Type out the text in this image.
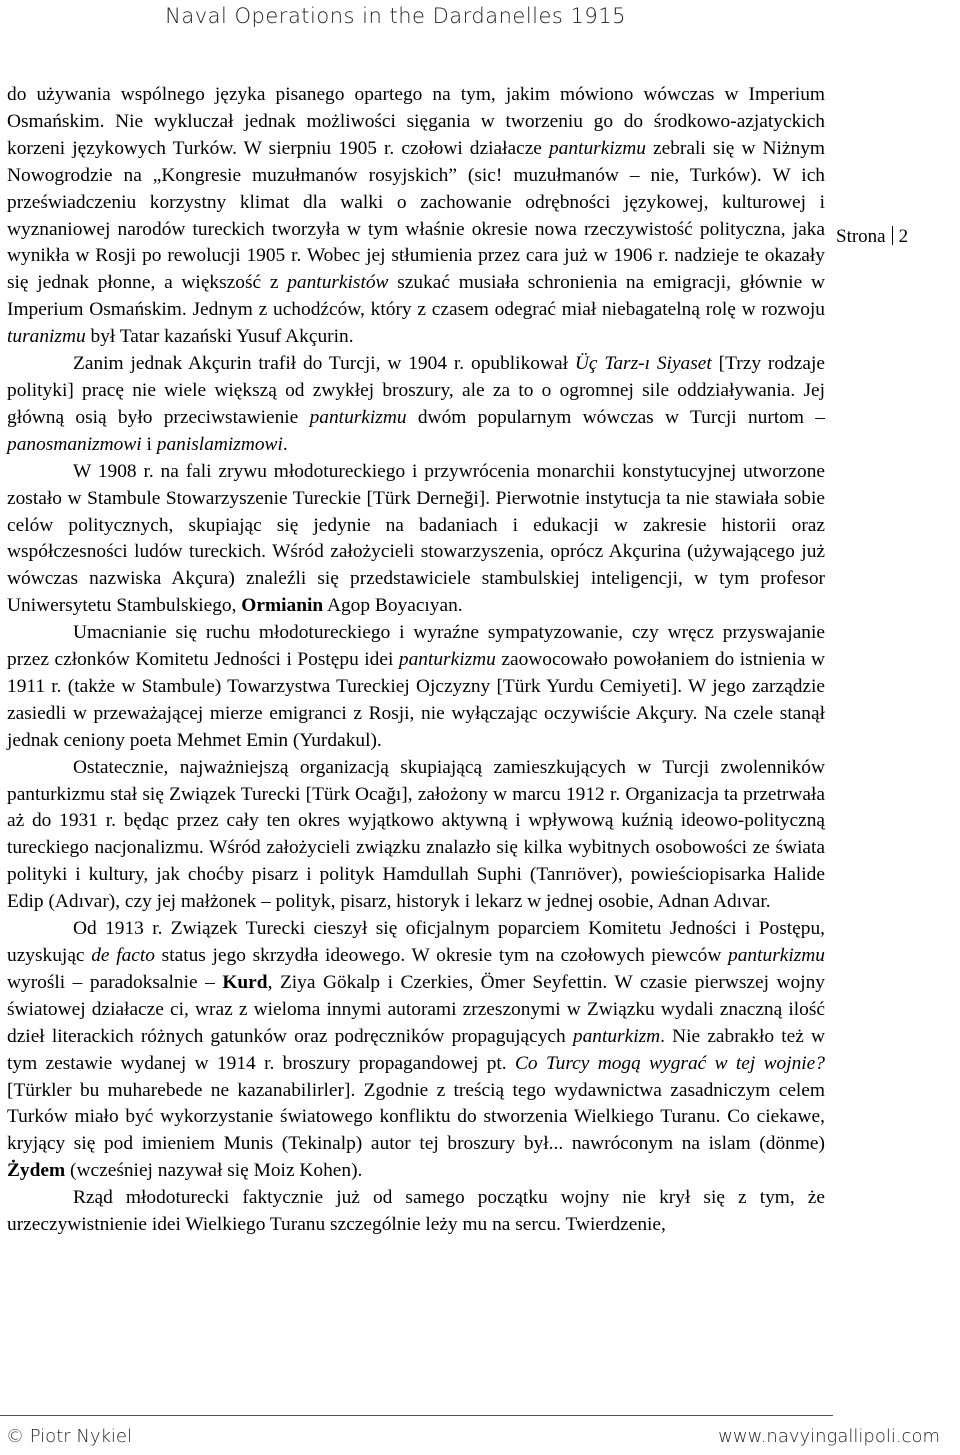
Naval Operations in the Dardanelles 1915

do używania wspólnego języka pisanego opartego na tym, jakim mówiono wówczas w Imperium Osmańskim. Nie wykluczał jednak możliwości sięgania w tworzeniu go do środkowo-azjatyckich korzeni językowych Turków. W sierpniu 1905 r. czołowi działacze panturkizmu zebrali się w Niżnym Nowogrodzie na „Kongresie muzułmanów rosyjskich” (sic! muzułmanów – nie, Turków). W ich przeświadczeniu korzystny klimat dla walki o zachowanie odrębności językowej, kulturowej i wyznaniowej narodów tureckich tworzyła w tym właśnie okresie nowa rzeczywistość polityczna, jaka wynikła w Rosji po rewolucji 1905 r. Wobec jej stłumienia przez cara już w 1906 r. nadzieje te okazały się jednak płonne, a większość z panturkistów szukać musiała schronienia na emigracji, głównie w Imperium Osmańskim. Jednym z uchodźców, który z czasem odegrać miał niebagatelną rolę w rozwoju turanizmu był Tatar kazański Yusuf Akçurin.

Zanim jednak Akçurin trafił do Turcji, w 1904 r. opublikował Üç Tarz-ı Siyaset [Trzy rodzaje polityki] pracę nie wiele większą od zwykłej broszury, ale za to o ogromnej sile oddziaływania. Jej główną osią było przeciwstawienie panturkizmu dwóm popularnym wówczas w Turcji nurtom – panosmanizmowi i panislamizmowi.

W 1908 r. na fali zrywu młodotureckiego i przywrócenia monarchii konstytucyjnej utworzone zostało w Stambule Stowarzyszenie Tureckie [Türk Derneği]. Pierwotnie instytucja ta nie stawiała sobie celów politycznych, skupiając się jedynie na badaniach i edukacji w zakresie historii oraz współczesności ludów tureckich. Wśród założycieli stowarzyszenia, oprócz Akçurina (używającego już wówczas nazwiska Akçura) znaleźli się przedstawiciele stambulskiej inteligencji, w tym profesor Uniwersytetu Stambulskiego, Ormianin Agop Boyacıyan.

Umacnianie się ruchu młodotureckiego i wyraźne sympatyzowanie, czy wręcz przyswajanie przez członków Komitetu Jedności i Postępu idei panturkizmu zaowocowało powołaniem do istnienia w 1911 r. (także w Stambule) Towarzystwa Tureckiej Ojczyzny [Türk Yurdu Cemiyeti]. W jego zarządzie zasiedli w przeważającej mierze emigranci z Rosji, nie wyłączając oczywiście Akçury. Na czele stanął jednak ceniony poeta Mehmet Emin (Yurdakul).

Ostatecznie, najważniejszą organizacją skupiającą zamieszkujących w Turcji zwolenników panturkizmu stał się Związek Turecki [Türk Ocağı], założony w marcu 1912 r. Organizacja ta przetrwała aż do 1931 r. będąc przez cały ten okres wyjątkowo aktywną i wpływową kuźnią ideowo-polityczną tureckiego nacjonalizmu. Wśród założycieli związku znalazło się kilka wybitnych osobowości ze świata polityki i kultury, jak choćby pisarz i polityk Hamdullah Suphi (Tanrıöver), powieściopisarka Halide Edip (Adıvar), czy jej małżonek – polityk, pisarz, historyk i lekarz w jednej osobie, Adnan Adıvar.

Od 1913 r. Związek Turecki cieszył się oficjalnym poparciem Komitetu Jedności i Postępu, uzyskując de facto status jego skrzydła ideowego. W okresie tym na czołowych piewców panturkizmu wyrośli – paradoksalnie – Kurd, Ziya Gökalp i Czerkies, Ömer Seyfettin. W czasie pierwszej wojny światowej działacze ci, wraz z wieloma innymi autorami zrzeszonymi w Związku wydali znaczną ilość dzieł literackich różnych gatunków oraz podręczników propagujących panturkizm. Nie zabrakło też w tym zestawie wydanej w 1914 r. broszury propagandowej pt. Co Turcy mogą wygrać w tej wojnie? [Türkler bu muharebede ne kazanabilirler]. Zgodnie z treścią tego wydawnictwa zasadniczym celem Turków miało być wykorzystanie światowego konfliktu do stworzenia Wielkiego Turanu. Co ciekawe, kryjący się pod imieniem Munis (Tekinalp) autor tej broszury był... nawróconym na islam (dönme) Żydem (wcześniej nazywał się Moiz Kohen).

Rząd młodoturecki faktycznie już od samego początku wojny nie krył się z tym, że urzeczywistnienie idei Wielkiego Turanu szczególnie leży mu na sercu. Twierdzenie,

Strona 2
© Piotr Nykiel	www.navyingallipoli.com
